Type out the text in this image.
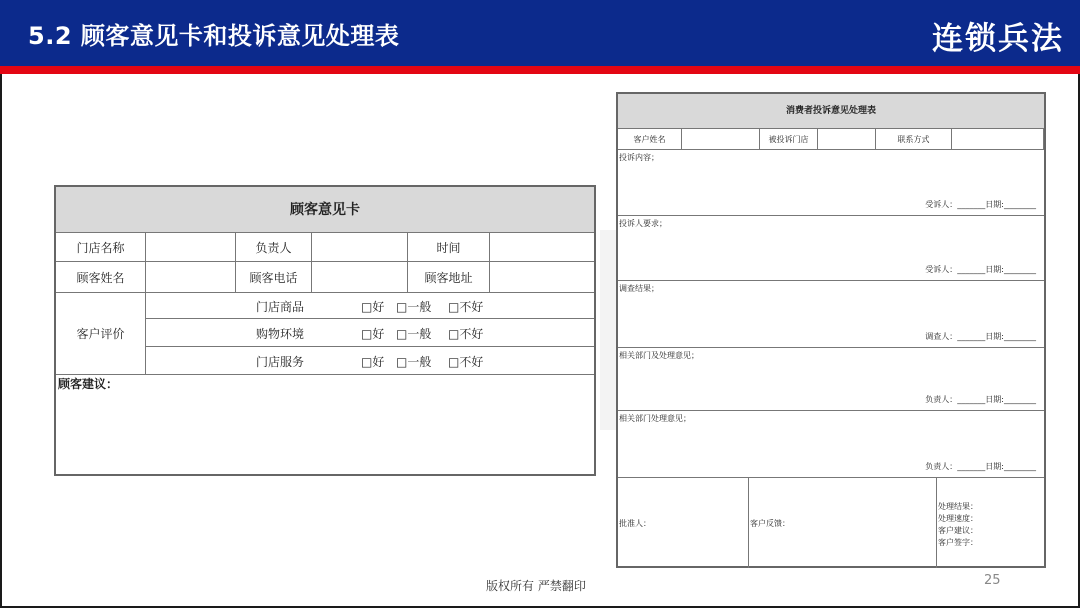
5.2 顾客意见卡和投诉意见处理表	连锁兵法
顾客意见卡
门店名称	负责人	时间
顾客姓名	顾客电话	顾客地址
客户评价
门店商品	□好 □一般 □不好
购物环境	□好 □一般 □不好
门店服务	□好 □一般 □不好
顾客建议：
消费者投诉意见处理表
客户姓名	被投诉门店	联系方式
投诉内容；
受诉人：_______日期:________
投诉人要求；
受诉人：_______日期:________
调查结果；
调查人：_______日期:________
相关部门及处理意见；
负责人：_______日期:________
相关部门处理意见；
负责人：_______日期:________
批准人：	客户反馈：
处理结果：
处理速度：
客户建议：
客户签字：
版权所有 严禁翻印	25
